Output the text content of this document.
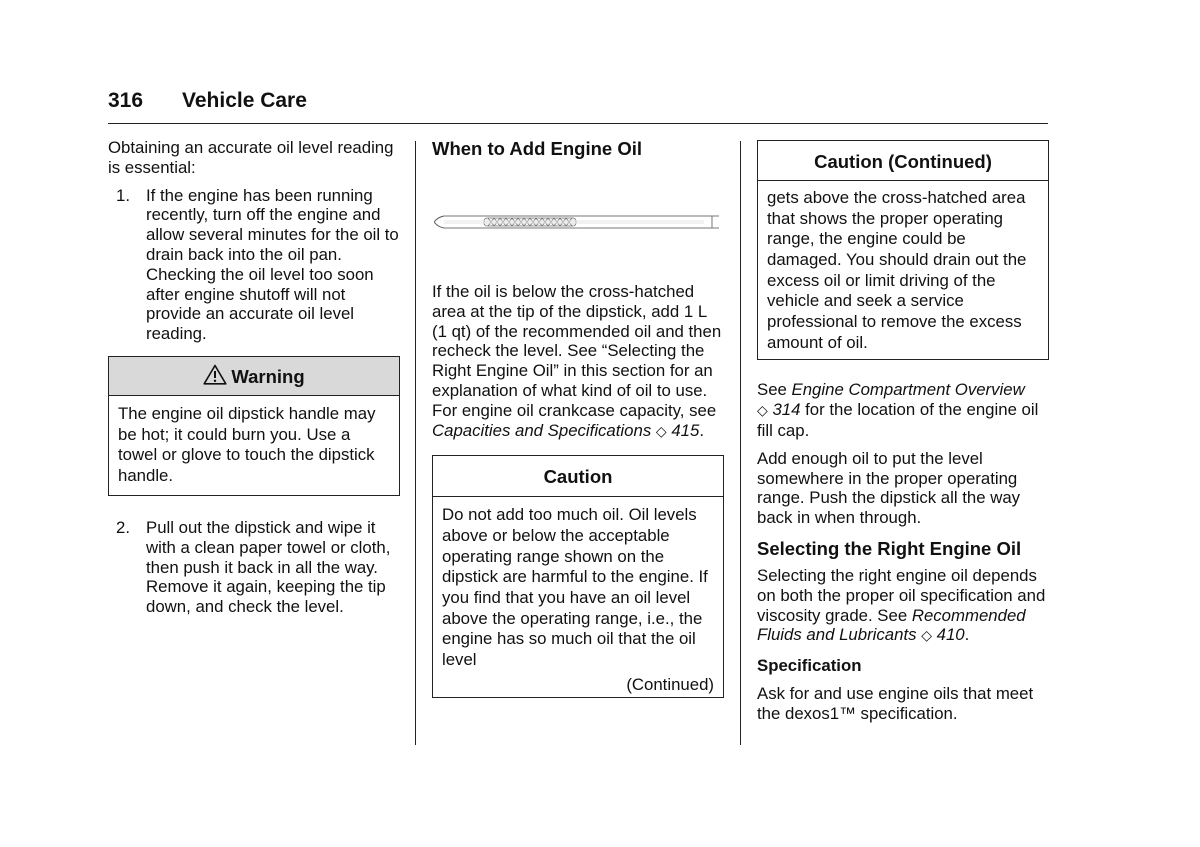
316 Vehicle Care

Obtaining an accurate oil level reading is essential:

1. If the engine has been running recently, turn off the engine and allow several minutes for the oil to drain back into the oil pan. Checking the oil level too soon after engine shutoff will not provide an accurate oil level reading.

Warning
The engine oil dipstick handle may be hot; it could burn you. Use a towel or glove to touch the dipstick handle.
2. Pull out the dipstick and wipe it with a clean paper towel or cloth, then push it back in all the way. Remove it again, keeping the tip down, and check the level.

When to Add Engine Oil

If the oil is below the cross-hatched area at the tip of the dipstick, add 1 L (1 qt) of the recommended oil and then recheck the level. See “Selecting the Right Engine Oil” in this section for an explanation of what kind of oil to use. For engine oil crankcase capacity, see Capacities and Specifications ◇ 415.

Caution
Do not add too much oil. Oil levels above or below the acceptable operating range shown on the dipstick are harmful to the engine. If you find that you have an oil level above the operating range, i.e., the engine has so much oil that the oil level
(Continued)
Caution (Continued)
gets above the cross-hatched area that shows the proper operating range, the engine could be damaged. You should drain out the excess oil or limit driving of the vehicle and seek a service professional to remove the excess amount of oil.

See Engine Compartment Overview
◇ 314 for the location of the engine oil fill cap.

Add enough oil to put the level somewhere in the proper operating range. Push the dipstick all the way back in when through.

Selecting the Right Engine Oil

Selecting the right engine oil depends on both the proper oil specification and viscosity grade. See Recommended Fluids and Lubricants ◇ 410.

Specification

Ask for and use engine oils that meet the dexos1™ specification.
